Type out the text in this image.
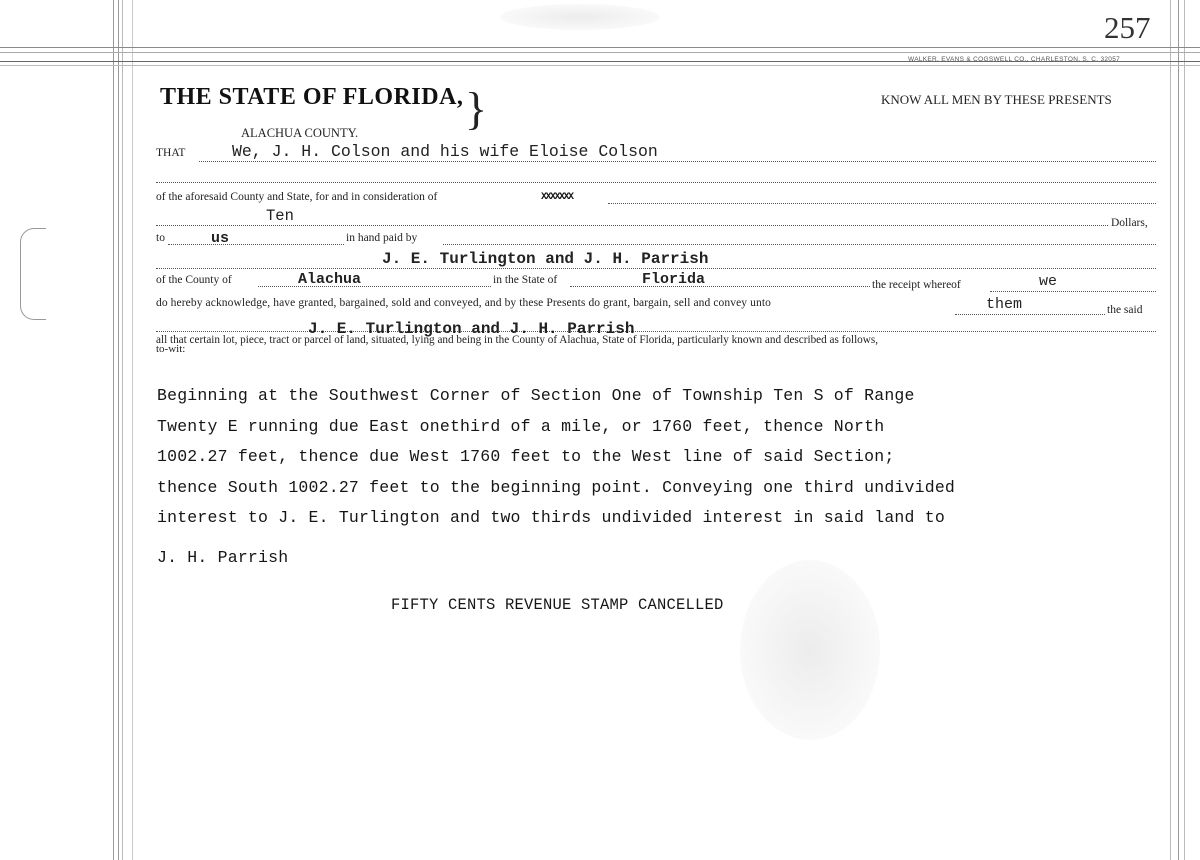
257
WALKER, EVANS & COGSWELL CO., CHARLESTON, S. C. 32057
THE STATE OF FLORIDA, }
ALACHUA COUNTY.
KNOW ALL MEN BY THESE PRESENTS
THAT	We, J. H. Colson and his wife Eloise Colson
of the aforesaid County and State, for and in consideration of	XXXXXXX
Ten	Dollars,
to	us	in hand paid by
J. E. Turlington and J. H. Parrish
of the County of	Alachua	in the State of	Florida	the receipt whereof	we
do hereby acknowledge, have granted, bargained, sold and conveyed, and by these Presents do grant, bargain, sell and convey unto	them	the said
all that certain lot, piece, tract or parcel of land, situated, lying and being in the County of Alachua, State of Florida, particularly known and described as follows,
J. E. Turlington and J. H. Parrish
to-wit:
Beginning at the Southwest Corner of Section One of Township Ten S of Range
Twenty E running due East onethird of a mile, or 1760 feet, thence North
1002.27 feet, thence due West 1760 feet to the West line of said Section;
thence South 1002.27 feet to the beginning point. Conveying one third undivided
interest to J. E. Turlington and two thirds undivided interest in said land to
J. H. Parrish
FIFTY CENTS REVENUE STAMP CANCELLED
